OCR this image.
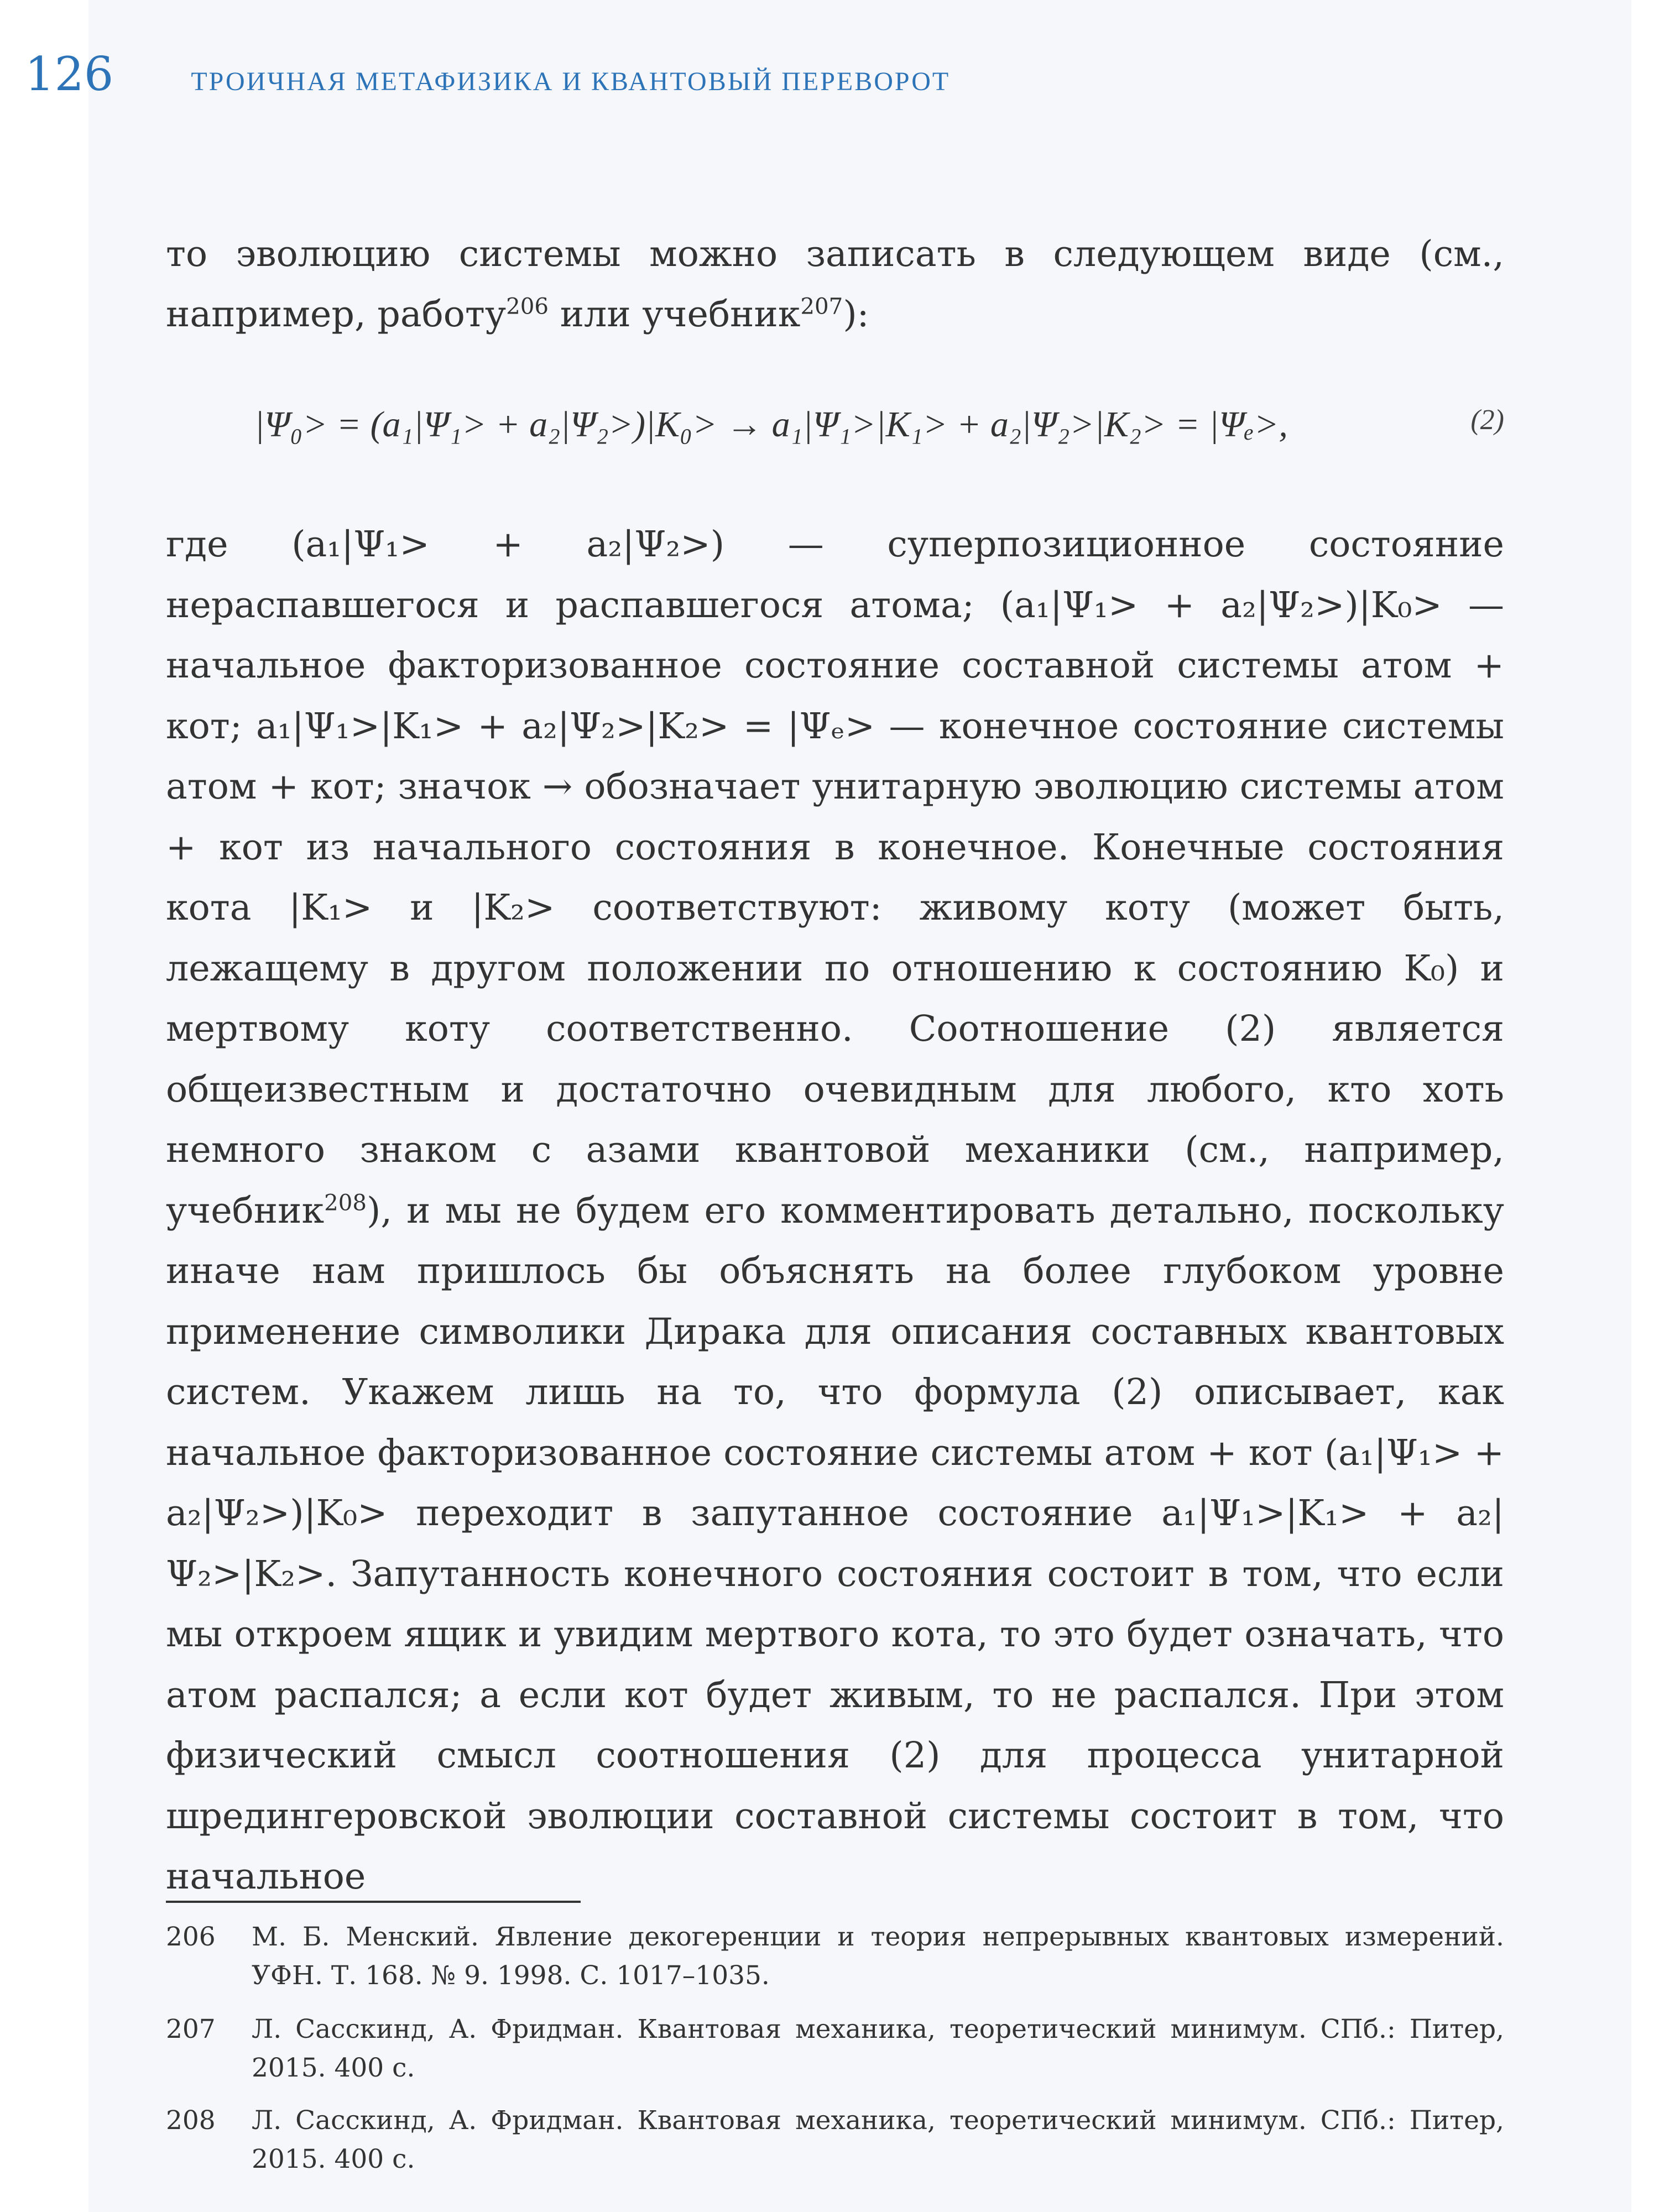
126	ТРОИЧНАЯ МЕТАФИЗИКА И КВАНТОВЫЙ ПЕРЕВОРОТ

то эволюцию системы можно записать в следующем виде (см., например, работу$^{206}$ или учебник$^{207}$):

|Ψ₀> = (a₁|Ψ₁> + a₂|Ψ₂>)|K₀> → a₁|Ψ₁>|K₁> + a₂|Ψ₂>|K₂> = |Ψₑ>,	(2)
где (a₁|Ψ₁> + a₂|Ψ₂>) — суперпозиционное состояние нераспавшегося и распавшегося атома; (a₁|Ψ₁> + a₂|Ψ₂>)|K₀> — начальное факторизованное состояние составной системы атом + кот; a₁|Ψ₁>|K₁> + a₂|Ψ₂>|K₂> = |Ψₑ> — конечное состояние системы атом + кот; значок → обозначает унитарную эволюцию системы атом + кот из начального состояния в конечное. Конечные состояния кота |K₁> и |K₂> соответствуют: живому коту (может быть, лежащему в другом положении по отношению к состоянию K₀) и мертвому коту соответственно. Соотношение (2) является общеизвестным и достаточно очевидным для любого, кто хоть немного знаком с азами квантовой механики (см., например, учебник$^{208}$), и мы не будем его комментировать детально, поскольку иначе нам пришлось бы объяснять на более глубоком уровне применение символики Дирака для описания составных квантовых систем. Укажем лишь на то, что формула (2) описывает, как начальное факторизованное состояние системы атом + кот (a₁|Ψ₁> + a₂|Ψ₂>)|K₀> переходит в запутанное состояние a₁|Ψ₁>|K₁> + a₂|Ψ₂>|K₂>. Запутанность конечного состояния состоит в том, что если мы откроем ящик и увидим мертвого кота, то это будет означать, что атом распался; а если кот будет живым, то не распался. При этом физический смысл соотношения (2) для процесса унитарной шредингеровской эволюции составной системы состоит в том, что начальное
206	М. Б. Менский. Явление декогеренции и теория непрерывных квантовых измерений. УФН. Т. 168. № 9. 1998. С. 1017–1035.
207	Л. Сасскинд, А. Фридман. Квантовая механика, теоретический минимум. СПб.: Питер, 2015. 400 с.
208	Л. Сасскинд, А. Фридман. Квантовая механика, теоретический минимум. СПб.: Питер, 2015. 400 с.
